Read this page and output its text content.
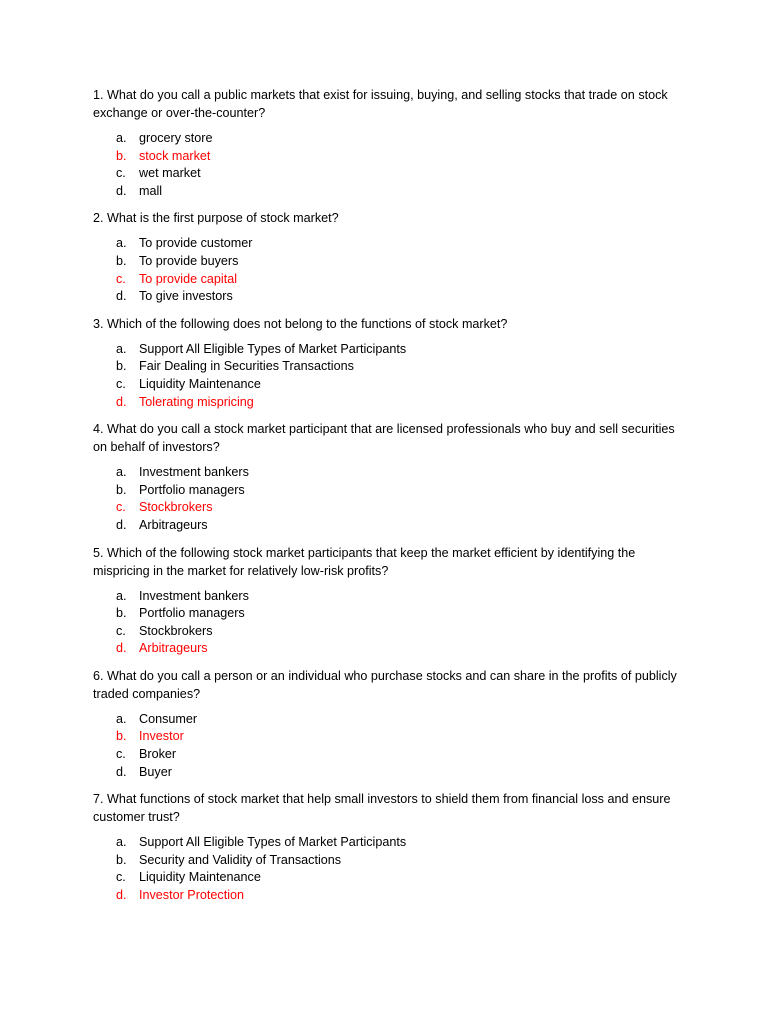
1. What do you call a public markets that exist for issuing, buying, and selling stocks that trade on stock exchange or over-the-counter?

a. grocery store
b. stock market
c.	wet market
d. mall

2. What is the first purpose of stock market?

a. To provide customer
b. To provide buyers
c.	To provide capital
d. To give investors

3. Which of the following does not belong to the functions of stock market?

a. Support All Eligible Types of Market Participants
b. Fair Dealing in Securities Transactions
c.	Liquidity Maintenance
d. Tolerating mispricing

4. What do you call a stock market participant that are licensed professionals who buy and sell securities on behalf of investors?

a. Investment bankers
b. Portfolio managers
c.	Stockbrokers
d. Arbitrageurs

5. Which of the following stock market participants that keep the market efficient by identifying the mispricing in the market for relatively low-risk profits?

a. Investment bankers
b. Portfolio managers
c.	Stockbrokers
d. Arbitrageurs

6. What do you call a person or an individual who purchase stocks and can share in the profits of publicly traded companies?

a. Consumer
b. Investor
c.	Broker
d. Buyer

7. What functions of stock market that help small investors to shield them from financial loss and ensure customer trust?

a. Support All Eligible Types of Market Participants
b. Security and Validity of Transactions
c.	Liquidity Maintenance
d. Investor Protection
